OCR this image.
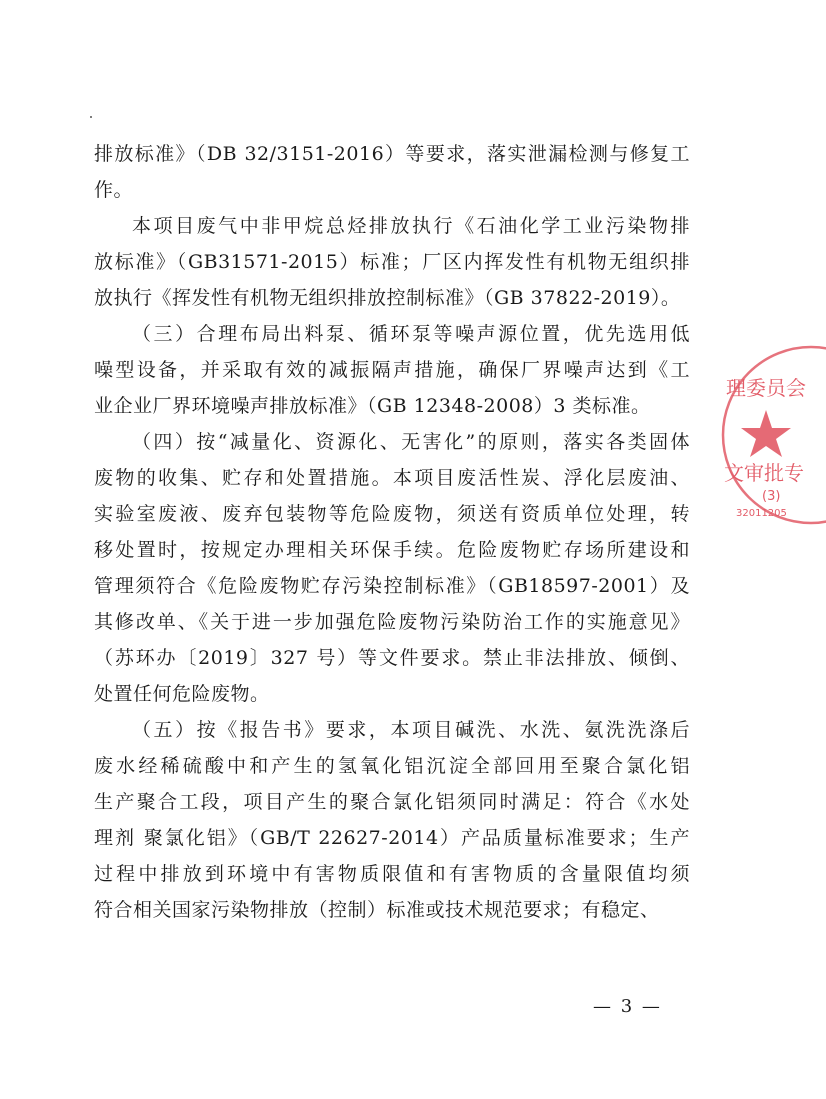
排放标准》（DB 32/3151-2016）等要求，落实泄漏检测与修复工
作。
本项目废气中非甲烷总烃排放执行《石油化学工业污染物排
放标准》（GB31571-2015）标准；厂区内挥发性有机物无组织排
放执行《挥发性有机物无组织排放控制标准》（GB 37822-2019）。
（三）合理布局出料泵、循环泵等噪声源位置，优先选用低
噪型设备，并采取有效的减振隔声措施，确保厂界噪声达到《工
业企业厂界环境噪声排放标准》（GB 12348-2008）3 类标准。
（四）按“减量化、资源化、无害化”的原则，落实各类固体
废物的收集、贮存和处置措施。本项目废活性炭、浮化层废油、
实验室废液、废弃包装物等危险废物，须送有资质单位处理，转
移处置时，按规定办理相关环保手续。危险废物贮存场所建设和
管理须符合《危险废物贮存污染控制标准》（GB18597-2001）及
其修改单、《关于进一步加强危险废物污染防治工作的实施意见》
（苏环办〔2019〕327 号）等文件要求。禁止非法排放、倾倒、
处置任何危险废物。
（五）按《报告书》要求，本项目碱洗、水洗、氨洗洗涤后
废水经稀硫酸中和产生的氢氧化铝沉淀全部回用至聚合氯化铝
生产聚合工段，项目产生的聚合氯化铝须同时满足：符合《水处
理剂 聚氯化铝》（GB/T 22627-2014）产品质量标准要求；生产
过程中排放到环境中有害物质限值和有害物质的含量限值均须
符合相关国家污染物排放（控制）标准或技术规范要求；有稳定、
理委员会
文审批专
(3)
32011205
— 3 —
